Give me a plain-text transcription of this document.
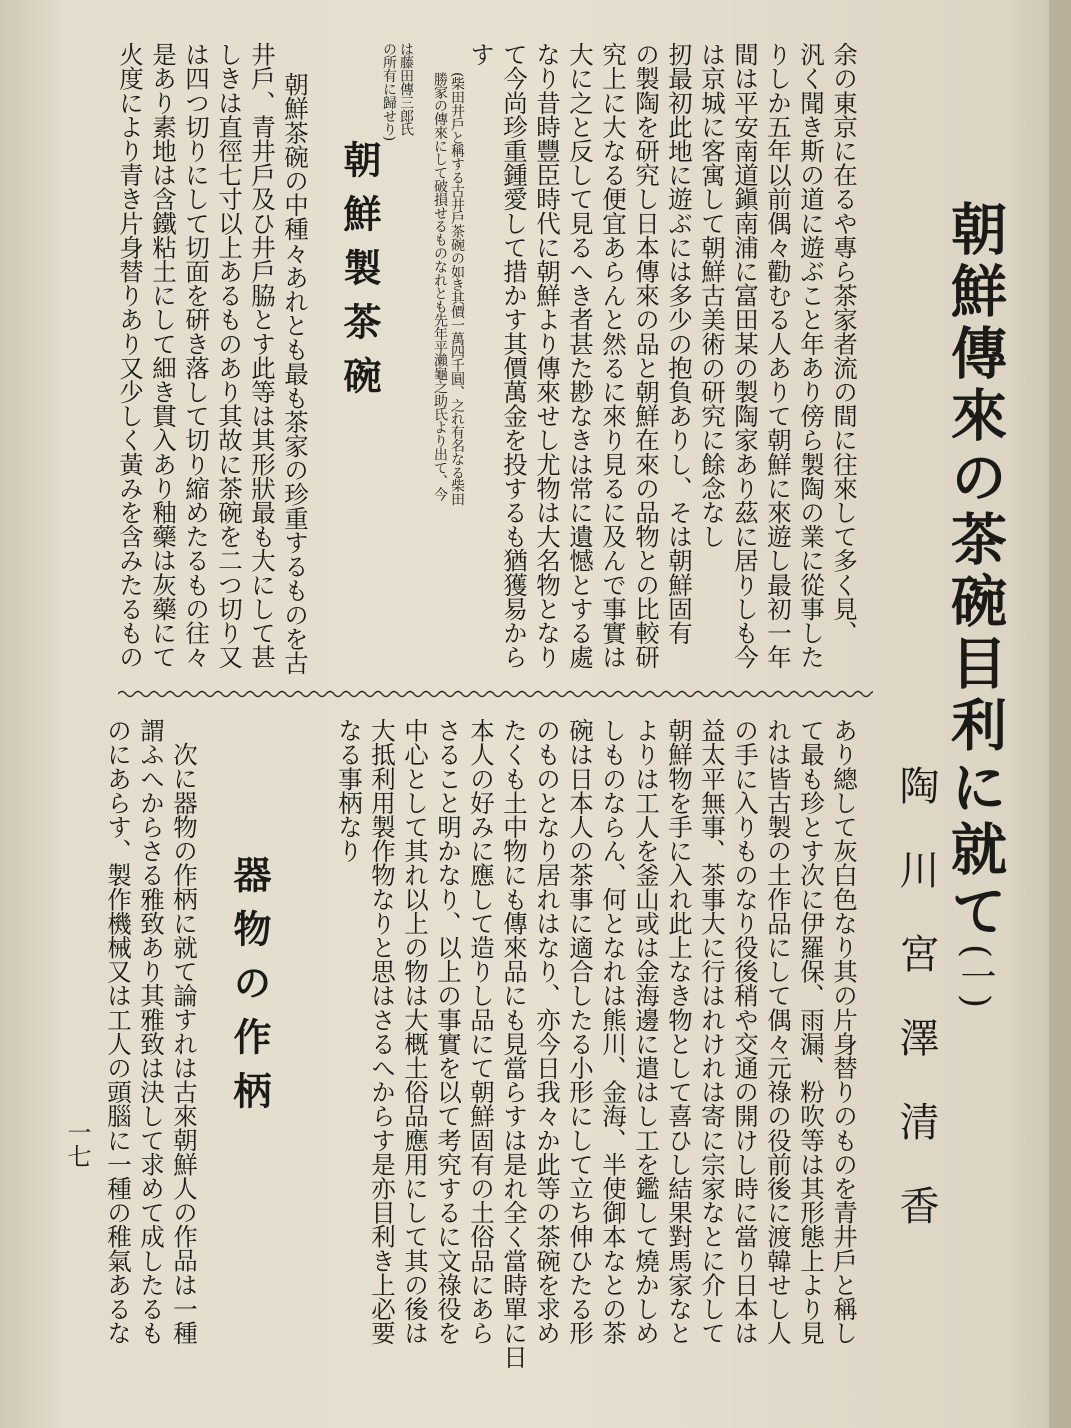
朝鮮傳來の茶碗目利に就て(一)
陶川宮澤清香
余の東京に在るや專ら茶家者流の間に往來して多く見、
汎く聞き斯の道に遊ぶこと年あり傍ら製陶の業に從事した
りしか五年以前偶々勸むる人ありて朝鮮に來遊し最初一年
間は平安南道鎭南浦に富田某の製陶家あり茲に居りしも今
は京城に客寓して朝鮮古美術の研究に餘念なし
扨最初此地に遊ぶには多少の抱負ありし、そは朝鮮固有
の製陶を研究し日本傳來の品と朝鮮在來の品物との比較研
究上に大なる便宜あらんと然るに來り見るに及んで事實は
大に之と反して見るへき者甚た尠なきは常に遺憾とする處
なり昔時豐臣時代に朝鮮より傳來せし尤物は大名物となり
て今尚珍重鍾愛して措かす其價萬金を投するも猶獲易から
す
(柴田井戶と稱する古井戶茶碗の如き其價一萬四千圓、之れ有名なる柴田
勝家の傳來にして破損せるものなれとも先年平瀨龜之助氏より出て、今
は藤田傳三郎氏
の所有に歸せり)
朝鮮製茶碗
朝鮮茶碗の中種々あれとも最も茶家の珍重するものを古
井戶、青井戶及ひ井戶脇とす此等は其形狀最も大にして甚
しきは直徑七寸以上あるものあり其故に茶碗を二つ切り又
は四つ切りにして切面を硏き落して切り縮めたるもの往々
是あり素地は含鐵粘土にして細き貫入あり釉藥は灰藥にて
火度により青き片身替りあり又少しく黃みを含みたるもの
あり總して灰白色なり其の片身替りのものを青井戶と稱し
て最も珍とす次に伊羅保、雨漏、粉吹等は其形態上より見
れは皆古製の土作品にして偶々元祿の役前後に渡韓せし人
の手に入りものなり役後稍や交通の開けし時に當り日本は
益太平無事、茶事大に行はれけれは寄に宗家なとに介して
朝鮮物を手に入れ此上なき物として喜ひし結果對馬家なと
よりは工人を釜山或は金海邊に遣はし工を鑑して燒かしめ
しものならん、何となれは熊川、金海、半使御本なとの茶
碗は日本人の茶事に適合したる小形にして立ち伸ひたる形
のものとなり居れはなり、亦今日我々か此等の茶碗を求め
たくも土中物にも傳來品にも見當らすは是れ全く當時單に日
本人の好みに應して造りし品にて朝鮮固有の土俗品にあら
さること明かなり、以上の事實を以て考究するに文祿役を
中心として其れ以上の物は大概土俗品應用にして其の後は
大抵利用製作物なりと思はさるへからす是亦目利き上必要
なる事柄なり
器物の作柄
次に器物の作柄に就て論すれは古來朝鮮人の作品は一種
謂ふへからさる雅致あり其雅致は決して求めて成したるも
のにあらす、製作機械又は工人の頭腦に一種の稚氣あるな
一七
